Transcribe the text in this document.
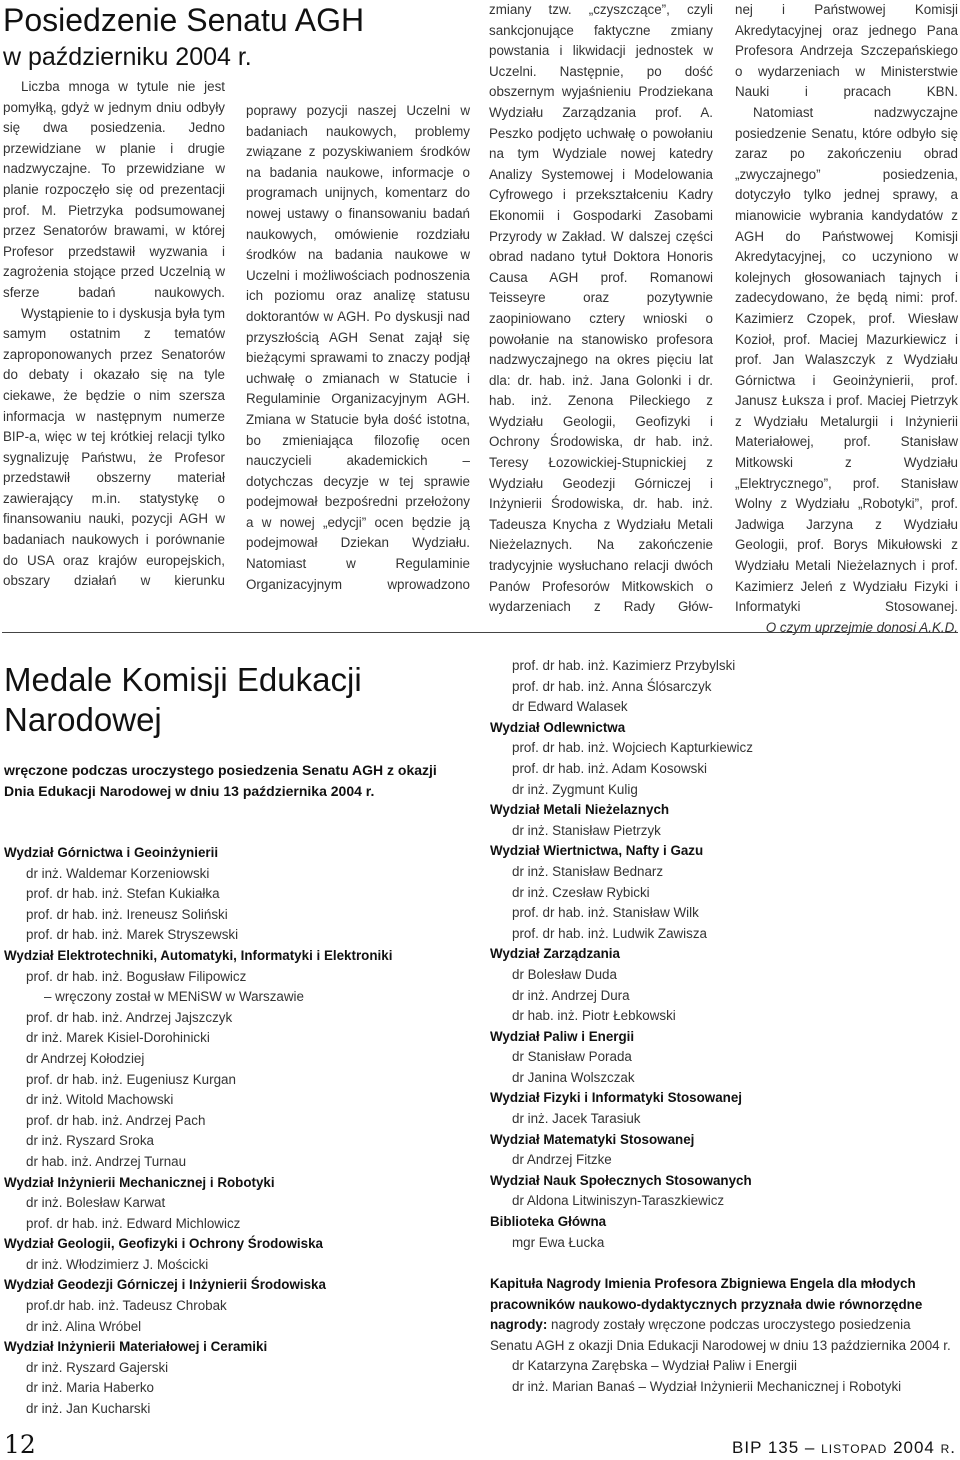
Posiedzenie Senatu AGH
w październiku 2004 r.

Liczba mnoga w tytule nie jest pomyłką, gdyż w jednym dniu odbyły się dwa posiedzenia. Jedno przewidziane w planie i drugie nadzwyczajne. To przewidziane w planie rozpoczęło się od prezentacji prof. M. Pietrzyka podsumowanej przez Senatorów brawami, w której Profesor przedstawił wyzwania i zagrożenia stojące przed Uczelnią w sferze badań naukowych.

Wystąpienie to i dyskusja była tym samym ostatnim z tematów zaproponowanych przez Senatorów do debaty i okazało się na tyle ciekawe, że będzie o nim szersza informacja w następnym numerze BIP-a, więc w tej krótkiej relacji tylko sygnalizuję Państwu, że Profesor przedstawił obszerny materiał zawierający m.in. statystykę o finansowaniu nauki, pozycji AGH w badaniach naukowych i porównanie do USA oraz krajów europejskich, obszary działań w kierunku

poprawy pozycji naszej Uczelni w badaniach naukowych, problemy związane z pozyskiwaniem środków na badania naukowe, informacje o programach unijnych, komentarz do nowej ustawy o finansowaniu badań naukowych, omówienie rozdziału środków na badania naukowe w Uczelni i możliwościach podnoszenia ich poziomu oraz analizę statusu doktorantów w AGH. Po dyskusji nad przyszłością AGH Senat zajął się bieżącymi sprawami to znaczy podjął uchwałę o zmianach w Statucie i Regulaminie Organizacyjnym AGH. Zmiana w Statucie była dość istotna, bo zmieniająca filozofię ocen nauczycieli akademickich – dotychczas decyzje w tej sprawie podejmował bezpośredni przełożony a w nowej „edycji” ocen będzie ją podejmował Dziekan Wydziału. Natomiast w Regulaminie Organizacyjnym wprowadzono

zmiany tzw. „czyszczące”, czyli sankcjonujące faktyczne zmiany powstania i likwidacji jednostek w Uczelni. Następnie, po dość obszernym wyjaśnieniu Prodziekana Wydziału Zarządzania prof. A. Peszko podjęto uchwałę o powołaniu na tym Wydziale nowej katedry Analizy Systemowej i Modelowania Cyfrowego i przekształceniu Kadry Ekonomii i Gospodarki Zasobami Przyrody w Zakład. W dalszej części obrad nadano tytuł Doktora Honoris Causa AGH prof. Romanowi Teisseyre oraz pozytywnie zaopiniowano cztery wnioski o powołanie na stanowisko profesora nadzwyczajnego na okres pięciu lat dla: dr. hab. inż. Jana Golonki i dr. hab. inż. Zenona Pileckiego z Wydziału Geologii, Geofizyki i Ochrony Środowiska, dr hab. inż. Teresy Łozowickiej-Stupnickiej z Wydziału Geodezji Górniczej i Inżynierii Środowiska, dr. hab. inż. Tadeusza Knycha z Wydziału Metali Nieżelaznych. Na zakończenie tradycyjnie wysłuchano relacji dwóch Panów Profesorów Mitkowskich o wydarzeniach z Rady Głów-

nej i Państwowej Komisji Akredytacyjnej oraz jednego Pana Profesora Andrzeja Szczepańskiego o wydarzeniach w Ministerstwie Nauki i pracach KBN.

Natomiast nadzwyczajne posiedzenie Senatu, które odbyło się zaraz po zakończeniu obrad „zwyczajnego” posiedzenia, dotyczyło tylko jednej sprawy, a mianowicie wybrania kandydatów z AGH do Państwowej Komisji Akredytacyjnej, co uczyniono w kolejnych głosowaniach tajnych i zadecydowano, że będą nimi: prof. Kazimierz Czopek, prof. Wiesław Kozioł, prof. Maciej Mazurkiewicz i prof. Jan Walaszczyk z Wydziału Górnictwa i Geoinżynierii, prof. Janusz Łuksza i prof. Maciej Pietrzyk z Wydziału Metalurgii i Inżynierii Materiałowej, prof. Stanisław Mitkowski z Wydziału „Elektrycznego”, prof. Stanisław Wolny z Wydziału „Robotyki”, prof. Jadwiga Jarzyna z Wydziału Geologii, prof. Borys Mikułowski z Wydziału Metali Nieżelaznych i prof. Kazimierz Jeleń z Wydziału Fizyki i Informatyki Stosowanej.

O czym uprzejmie donosi A.K.D.

Medale Komisji Edukacji Narodowej
wręczone podczas uroczystego posiedzenia Senatu AGH z okazji Dnia Edukacji Narodowej w dniu 13 października 2004 r.
Wydział Górnictwa i Geoinżynierii
dr inż. Waldemar Korzeniowski
prof. dr hab. inż. Stefan Kukiałka
prof. dr hab. inż. Ireneusz Soliński
prof. dr hab. inż. Marek Stryszewski
Wydział Elektrotechniki, Automatyki, Informatyki i Elektroniki
prof. dr hab. inż. Bogusław Filipowicz
– wręczony został w MENiSW w Warszawie
prof. dr hab. inż. Andrzej Jajszczyk
dr inż. Marek Kisiel-Dorohinicki
dr Andrzej Kołodziej
prof. dr hab. inż. Eugeniusz Kurgan
dr inż. Witold Machowski
prof. dr hab. inż. Andrzej Pach
dr inż. Ryszard Sroka
dr hab. inż. Andrzej Turnau
Wydział Inżynierii Mechanicznej i Robotyki
dr inż. Bolesław Karwat
prof. dr hab. inż. Edward Michlowicz
Wydział Geologii, Geofizyki i Ochrony Środowiska
dr inż. Włodzimierz J. Mościcki
Wydział Geodezji Górniczej i Inżynierii Środowiska
prof.dr hab. inż. Tadeusz Chrobak
dr inż. Alina Wróbel
Wydział Inżynierii Materiałowej i Ceramiki
dr inż. Ryszard Gajerski
dr inż. Maria Haberko
dr inż. Jan Kucharski
prof. dr hab. inż. Kazimierz Przybylski
prof. dr hab. inż. Anna Ślósarczyk
dr Edward Walasek
Wydział Odlewnictwa
prof. dr hab. inż. Wojciech Kapturkiewicz
prof. dr hab. inż. Adam Kosowski
dr inż. Zygmunt Kulig
Wydział Metali Nieżelaznych
dr inż. Stanisław Pietrzyk
Wydział Wiertnictwa, Nafty i Gazu
dr inż. Stanisław Bednarz
dr inż. Czesław Rybicki
prof. dr hab. inż. Stanisław Wilk
prof. dr hab. inż. Ludwik Zawisza
Wydział Zarządzania
dr Bolesław Duda
dr inż. Andrzej Dura
dr hab. inż. Piotr Łebkowski
Wydział Paliw i Energii
dr Stanisław Porada
dr Janina Wolszczak
Wydział Fizyki i Informatyki Stosowanej
dr inż. Jacek Tarasiuk
Wydział Matematyki Stosowanej
dr Andrzej Fitzke
Wydział Nauk Społecznych Stosowanych
dr Aldona Litwiniszyn-Taraszkiewicz
Biblioteka Główna
mgr Ewa Łucka
Kapituła Nagrody Imienia Profesora Zbigniewa Engela dla młodych pracowników naukowo-dydaktycznych przyznała dwie równorzędne nagrody: nagrody zostały wręczone podczas uroczystego posiedzenia Senatu AGH z okazji Dnia Edukacji Narodowej w dniu 13 października 2004 r.
dr Katarzyna Zarębska – Wydział Paliw i Energii
dr inż. Marian Banaś – Wydział Inżynierii Mechanicznej i Robotyki
12	BIP 135 – listopad 2004 r.
